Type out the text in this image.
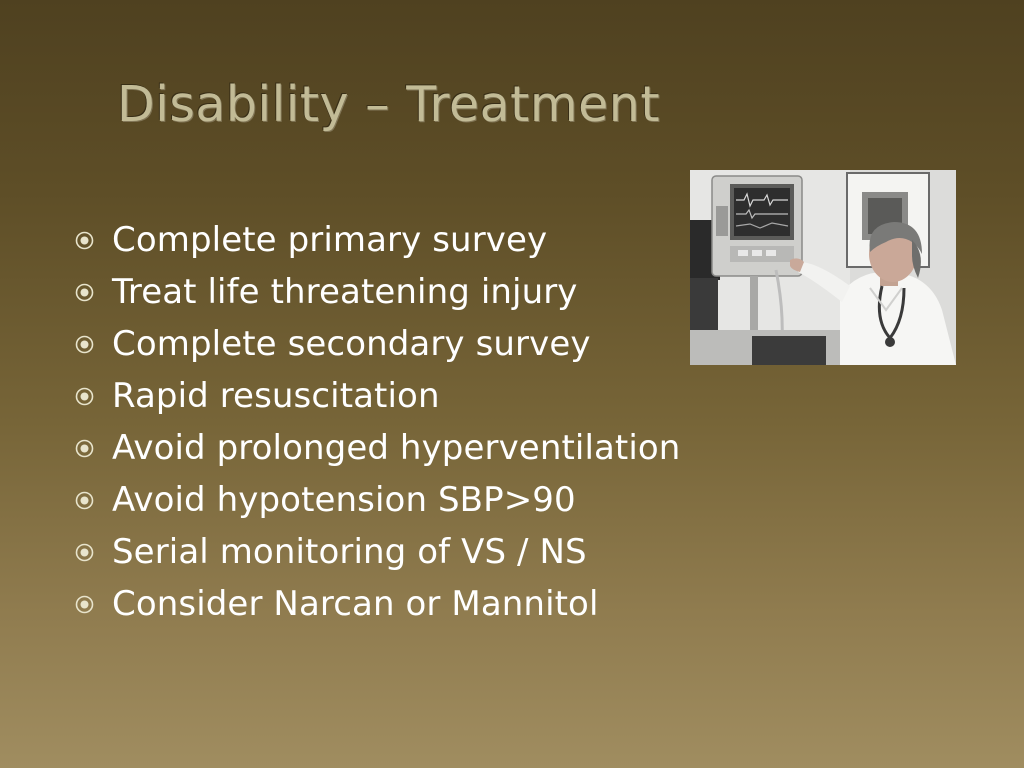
Disability – Treatment
Complete primary survey
Treat life threatening injury
Complete secondary survey
Rapid resuscitation
Avoid prolonged hyperventilation
Avoid hypotension SBP>90
Serial monitoring of VS / NS
Consider Narcan or Mannitol
